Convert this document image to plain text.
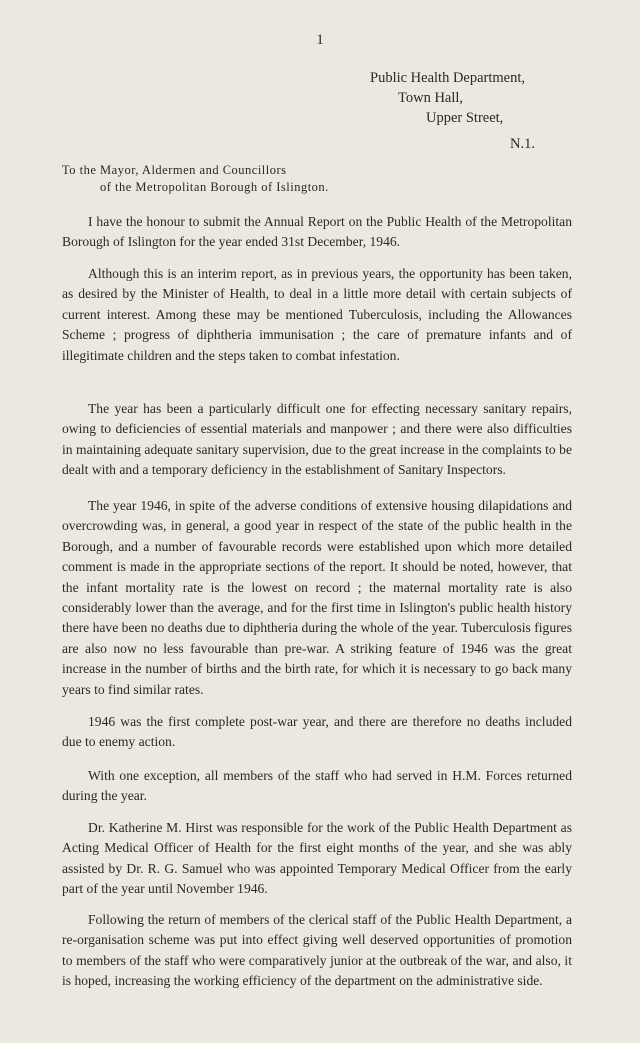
1
Public Health Department,
Town Hall,
Upper Street,
N.1.
To the Mayor, Aldermen and Councillors
of the Metropolitan Borough of Islington.

I have the honour to submit the Annual Report on the Public Health of the Metropolitan Borough of Islington for the year ended 31st December, 1946.

Although this is an interim report, as in previous years, the opportunity has been taken, as desired by the Minister of Health, to deal in a little more detail with certain subjects of current interest. Among these may be mentioned Tuberculosis, including the Allowances Scheme ; progress of diphtheria immunisation ; the care of premature infants and of illegitimate children and the steps taken to combat infestation.

The year has been a particularly difficult one for effecting necessary sanitary repairs, owing to deficiencies of essential materials and manpower ; and there were also difficulties in maintaining adequate sanitary supervision, due to the great increase in the complaints to be dealt with and a temporary deficiency in the establishment of Sanitary Inspectors.

The year 1946, in spite of the adverse conditions of extensive housing dilapidations and overcrowding was, in general, a good year in respect of the state of the public health in the Borough, and a number of favourable records were established upon which more detailed comment is made in the appropriate sections of the report. It should be noted, however, that the infant mortality rate is the lowest on record ; the maternal mortality rate is also considerably lower than the average, and for the first time in Islington's public health history there have been no deaths due to diphtheria during the whole of the year. Tuberculosis figures are also now no less favourable than pre-war. A striking feature of 1946 was the great increase in the number of births and the birth rate, for which it is necessary to go back many years to find similar rates.

1946 was the first complete post-war year, and there are therefore no deaths included due to enemy action.

With one exception, all members of the staff who had served in H.M. Forces returned during the year.

Dr. Katherine M. Hirst was responsible for the work of the Public Health Department as Acting Medical Officer of Health for the first eight months of the year, and she was ably assisted by Dr. R. G. Samuel who was appointed Temporary Medical Officer from the early part of the year until November 1946.

Following the return of members of the clerical staff of the Public Health Department, a re-organisation scheme was put into effect giving well deserved opportunities of promotion to members of the staff who were comparatively junior at the outbreak of the war, and also, it is hoped, increasing the working efficiency of the department on the administrative side.
